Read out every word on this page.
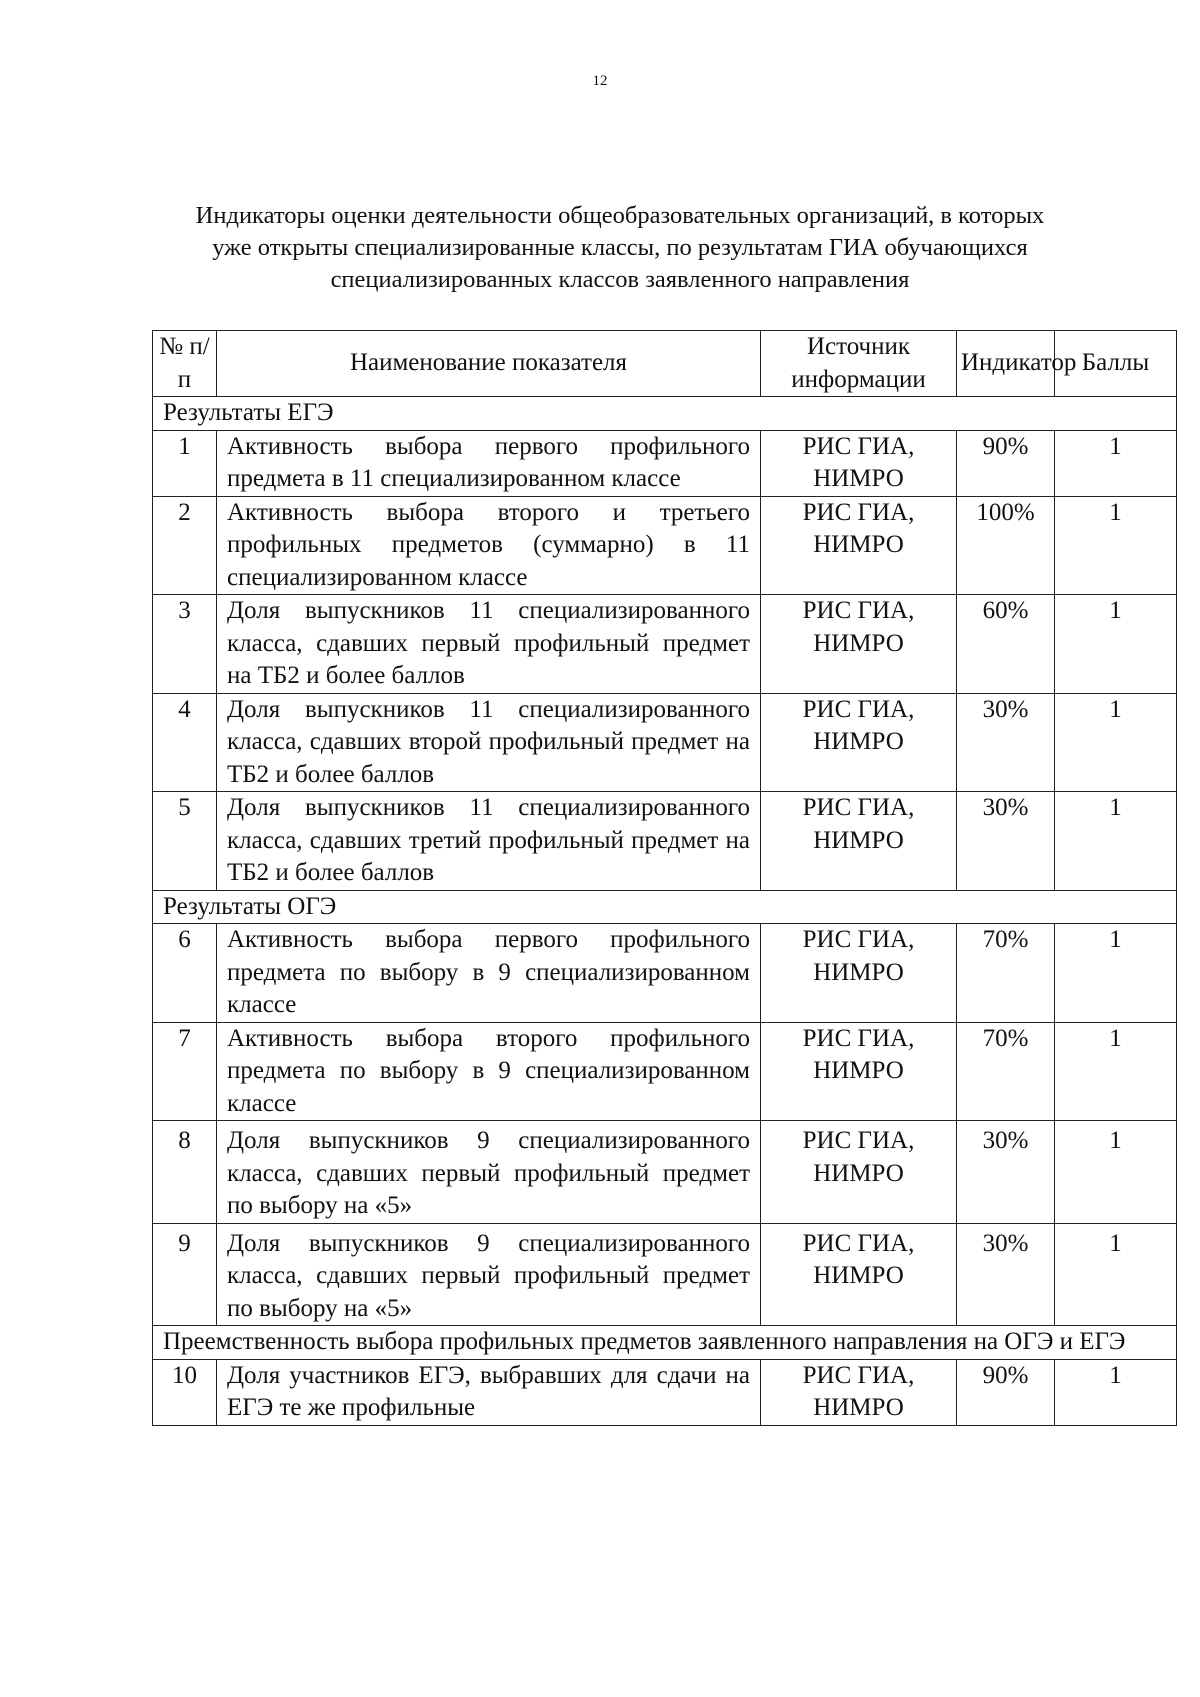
12
Индикаторы оценки деятельности общеобразовательных организаций, в которых
уже открыты специализированные классы, по результатам ГИА обучающихся
специализированных классов заявленного направления
№ п/п	Наименование показателя	Источник информации	Индикатор	Баллы
Результаты ЕГЭ				
1	Активность выбора первого профильного предмета в 11 специализированном классе	РИС ГИА, НИМРО	90%	1
2	Активность выбора второго и третьего профильных предметов (суммарно) в 11 специализированном классе	РИС ГИА, НИМРО	100%	1
3	Доля выпускников 11 специализированного класса, сдавших первый профильный предмет на ТБ2 и более баллов	РИС ГИА, НИМРО	60%	1
4	Доля выпускников 11 специализированного класса, сдавших второй профильный предмет на ТБ2 и более баллов	РИС ГИА, НИМРО	30%	1
5	Доля выпускников 11 специализированного класса, сдавших третий профильный предмет на ТБ2 и более баллов	РИС ГИА, НИМРО	30%	1
Результаты ОГЭ				
6	Активность выбора первого профильного предмета по выбору в 9 специализированном классе	РИС ГИА, НИМРО	70%	1
7	Активность выбора второго профильного предмета по выбору в 9 специализированном классе	РИС ГИА, НИМРО	70%	1
8	Доля выпускников 9 специализированного класса, сдавших первый профильный предмет по выбору на «5»	РИС ГИА, НИМРО	30%	1
9	Доля выпускников 9 специализированного класса, сдавших первый профильный предмет по выбору на «5»	РИС ГИА, НИМРО	30%	1
Преемственность выбора профильных предметов заявленного направления на ОГЭ и ЕГЭ				
10	Доля участников ЕГЭ, выбравших для сдачи на ЕГЭ те же профильные	РИС ГИА, НИМРО	90%	1
